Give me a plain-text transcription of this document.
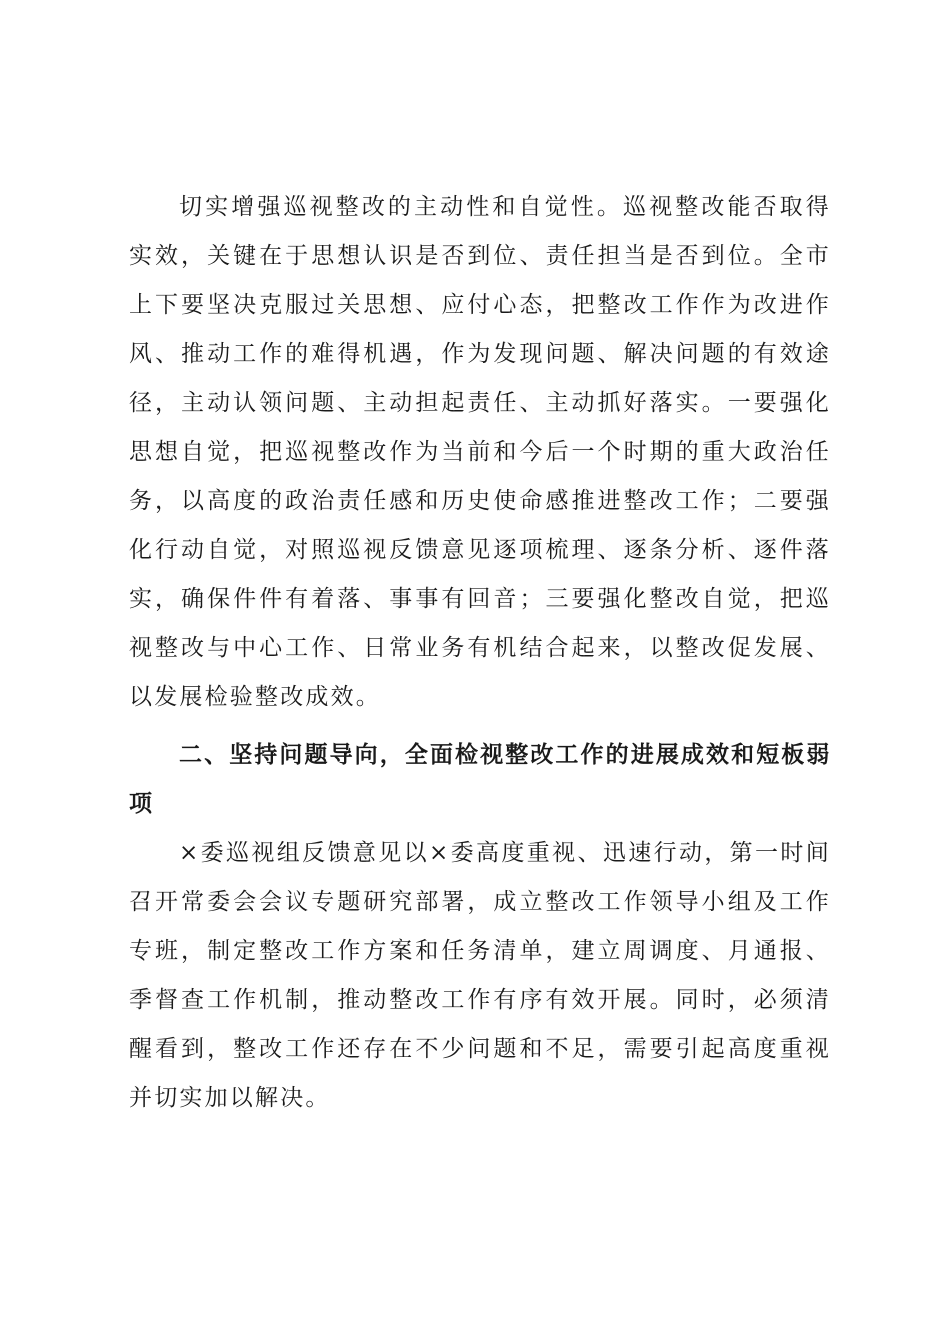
切实增强巡视整改的主动性和自觉性。巡视整改能否取得实效，关键在于思想认识是否到位、责任担当是否到位。全市上下要坚决克服过关思想、应付心态，把整改工作作为改进作风、推动工作的难得机遇，作为发现问题、解决问题的有效途径，主动认领问题、主动担起责任、主动抓好落实。一要强化思想自觉，把巡视整改作为当前和今后一个时期的重大政治任务，以高度的政治责任感和历史使命感推进整改工作；二要强化行动自觉，对照巡视反馈意见逐项梳理、逐条分析、逐件落实，确保件件有着落、事事有回音；三要强化整改自觉，把巡视整改与中心工作、日常业务有机结合起来，以整改促发展、以发展检验整改成效。

二、坚持问题导向，全面检视整改工作的进展成效和短板弱项

×委巡视组反馈意见以×委高度重视、迅速行动，第一时间召开常委会会议专题研究部署，成立整改工作领导小组及工作专班，制定整改工作方案和任务清单，建立周调度、月通报、季督查工作机制，推动整改工作有序有效开展。同时，必须清醒看到，整改工作还存在不少问题和不足，需要引起高度重视并切实加以解决。
